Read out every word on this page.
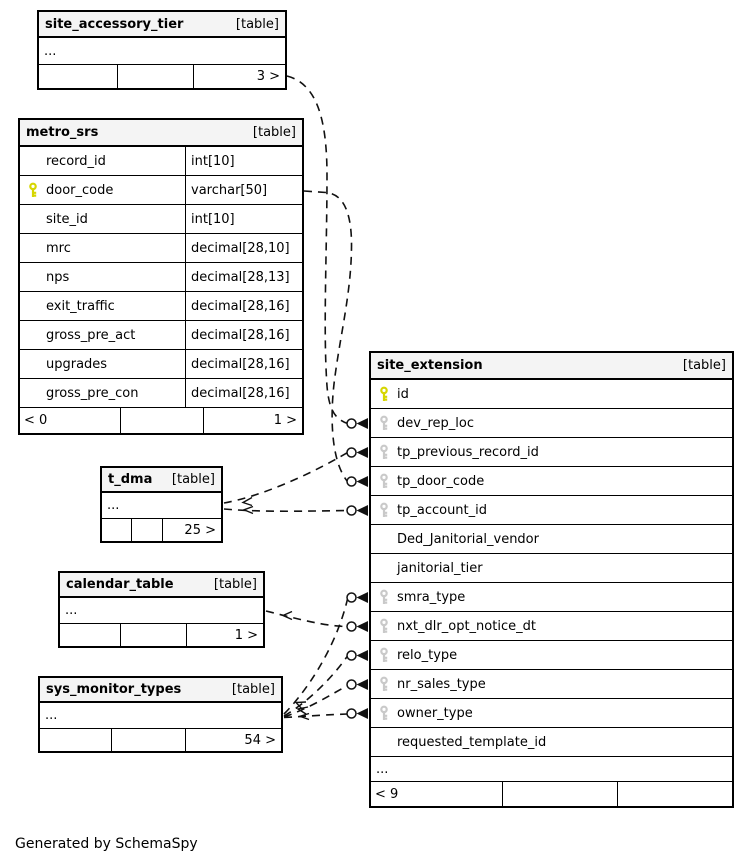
site_accessory_tier	[table]
...
3 >
metro_srs	[table]
record_id	int[10]
door_code	varchar[50]
site_id	int[10]
mrc	decimal[28,10]
nps	decimal[28,13]
exit_traffic	decimal[28,16]
gross_pre_act	decimal[28,16]
upgrades	decimal[28,16]
gross_pre_con	decimal[28,16]
< 0	1 >
t_dma [table]
...
25 >
calendar_table	[table]
...
1 >
sys_monitor_types	[table]
...
54 >
site_extension	[table]
id
dev_rep_loc
tp_previous_record_id
tp_door_code
tp_account_id
Ded_Janitorial_vendor
janitorial_tier
smra_type
nxt_dlr_opt_notice_dt
relo_type
nr_sales_type
owner_type
requested_template_id
...
< 9
Generated by SchemaSpy
